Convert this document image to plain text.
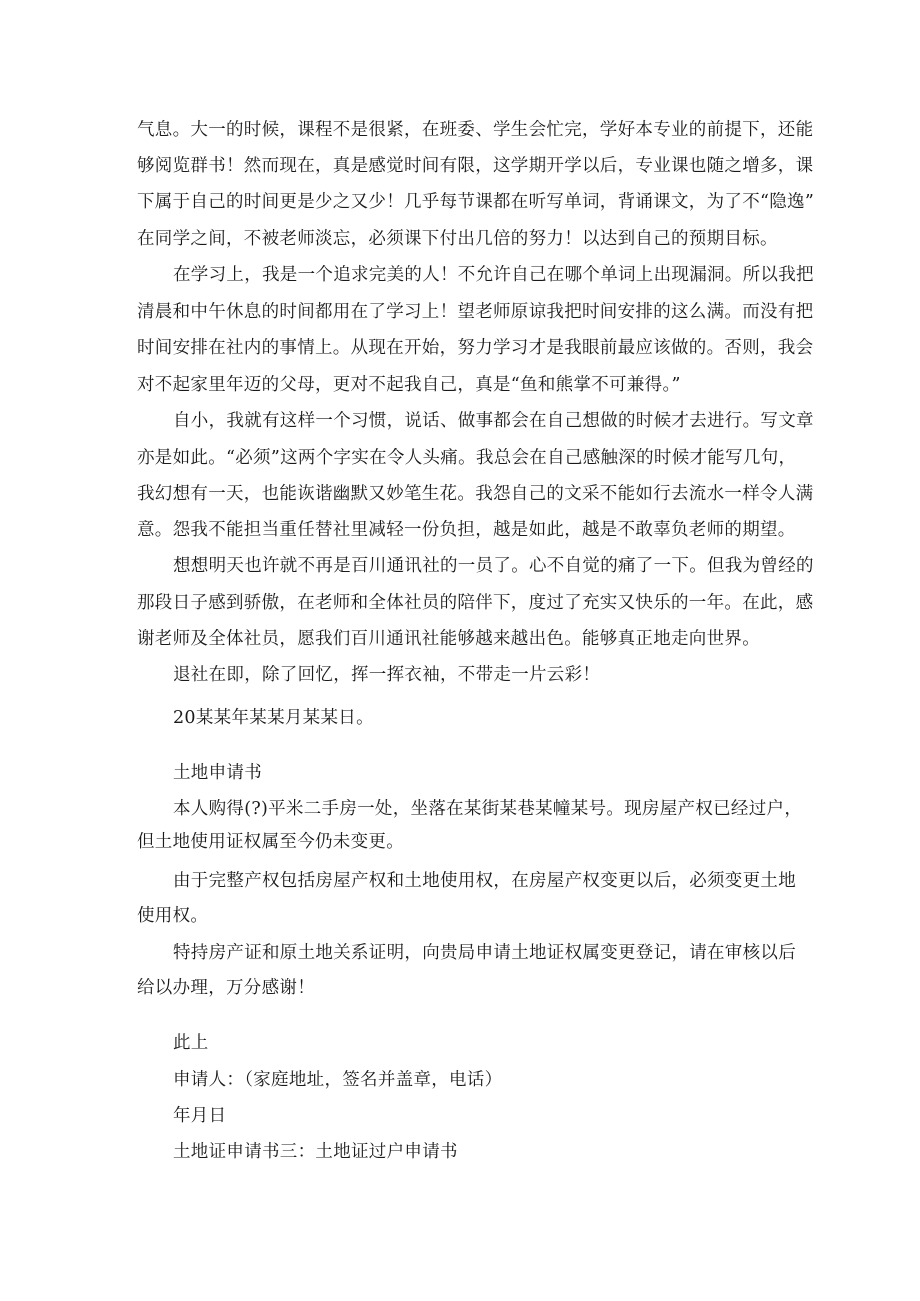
气息。大一的时候，课程不是很紧，在班委、学生会忙完，学好本专业的前提下，还能
够阅览群书！然而现在，真是感觉时间有限，这学期开学以后，专业课也随之增多，课
下属于自己的时间更是少之又少！几乎每节课都在听写单词，背诵课文，为了不“隐逸”
在同学之间，不被老师淡忘，必须课下付出几倍的努力！以达到自己的预期目标。
在学习上，我是一个追求完美的人！不允许自己在哪个单词上出现漏洞。所以我把
清晨和中午休息的时间都用在了学习上！望老师原谅我把时间安排的这么满。而没有把
时间安排在社内的事情上。从现在开始，努力学习才是我眼前最应该做的。否则，我会
对不起家里年迈的父母，更对不起我自己，真是“鱼和熊掌不可兼得。”
自小，我就有这样一个习惯，说话、做事都会在自己想做的时候才去进行。写文章
亦是如此。“必须”这两个字实在令人头痛。我总会在自己感触深的时候才能写几句，
我幻想有一天，也能诙谐幽默又妙笔生花。我怨自己的文采不能如行去流水一样令人满
意。怨我不能担当重任替社里减轻一份负担，越是如此，越是不敢辜负老师的期望。
想想明天也许就不再是百川通讯社的一员了。心不自觉的痛了一下。但我为曾经的
那段日子感到骄傲，在老师和全体社员的陪伴下，度过了充实又快乐的一年。在此，感
谢老师及全体社员，愿我们百川通讯社能够越来越出色。能够真正地走向世界。
退社在即，除了回忆，挥一挥衣袖，不带走一片云彩！
20某某年某某月某某日。
土地申请书
本人购得(?)平米二手房一处，坐落在某街某巷某幢某号。现房屋产权已经过户，
但土地使用证权属至今仍未变更。
由于完整产权包括房屋产权和土地使用权，在房屋产权变更以后，必须变更土地
使用权。
特持房产证和原土地关系证明，向贵局申请土地证权属变更登记，请在审核以后
给以办理，万分感谢！
此上
申请人：（家庭地址，签名并盖章，电话）
年月日
土地证申请书三：土地证过户申请书
